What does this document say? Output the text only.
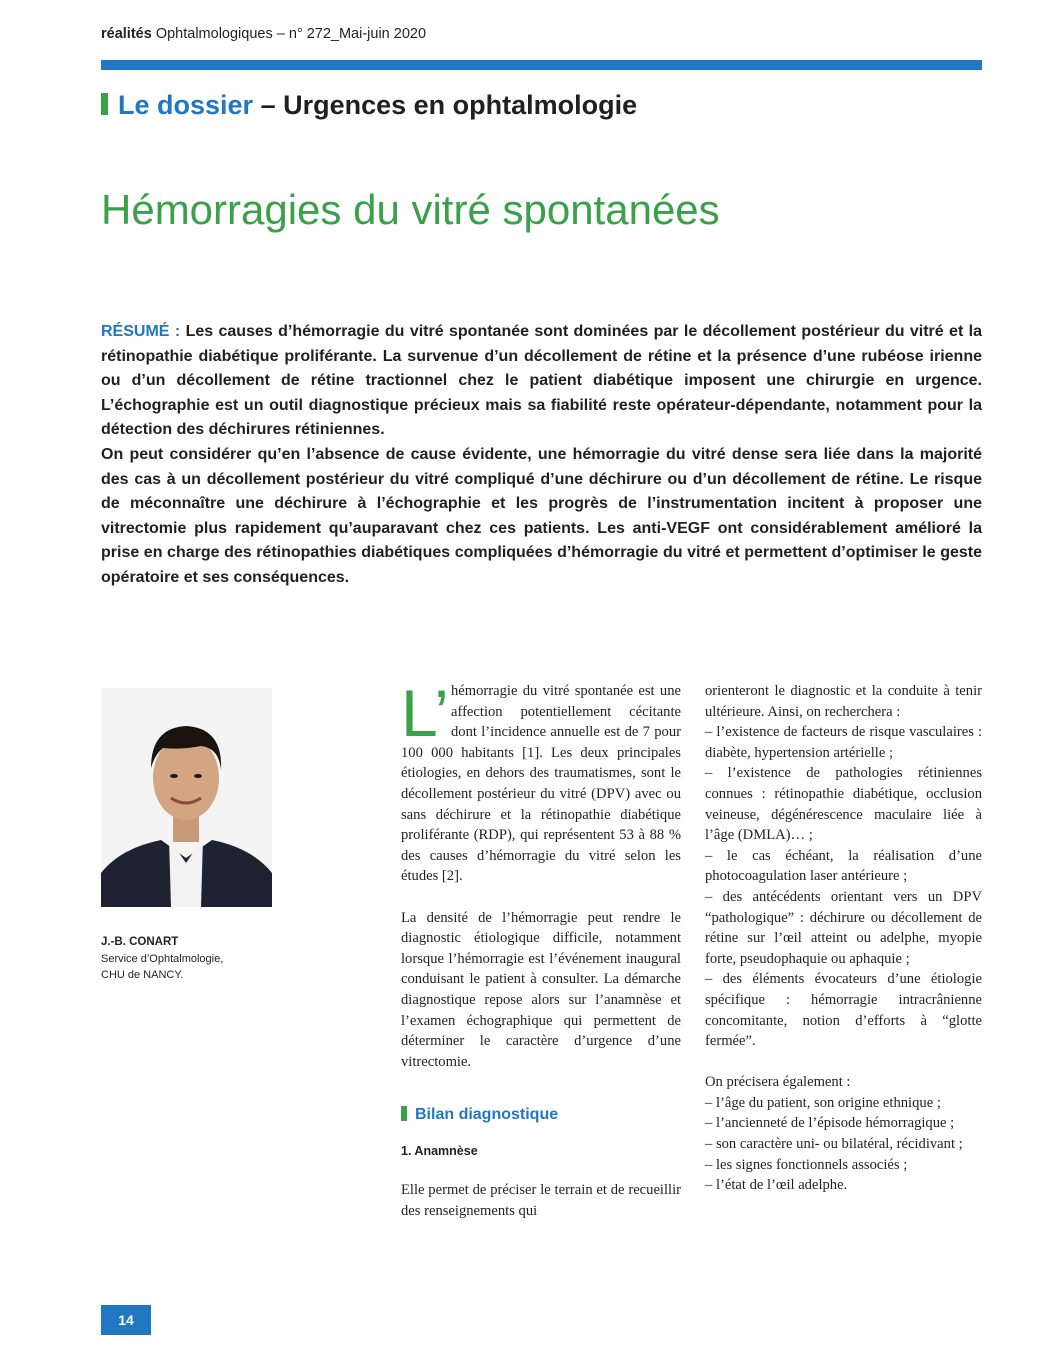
réalités Ophtalmologiques – n° 272_Mai-juin 2020
Le dossier – Urgences en ophtalmologie
Hémorragies du vitré spontanées

RÉSUMÉ : Les causes d’hémorragie du vitré spontanée sont dominées par le décollement postérieur du vitré et la rétinopathie diabétique proliférante. La survenue d’un décollement de rétine et la présence d’une rubéose irienne ou d’un décollement de rétine tractionnel chez le patient diabétique imposent une chirurgie en urgence. L’échographie est un outil diagnostique précieux mais sa fiabilité reste opérateur-dépendante, notamment pour la détection des déchirures rétiniennes.

On peut considérer qu’en l’absence de cause évidente, une hémorragie du vitré dense sera liée dans la majorité des cas à un décollement postérieur du vitré compliqué d’une déchirure ou d’un décollement de rétine. Le risque de méconnaître une déchirure à l’échographie et les progrès de l’instrumentation incitent à proposer une vitrectomie plus rapidement qu’auparavant chez ces patients. Les anti-VEGF ont considérablement amélioré la prise en charge des rétinopathies diabétiques compliquées d’hémorragie du vitré et permettent d’optimiser le geste opératoire et ses conséquences.

J.-B. CONART
Service d’Ophtalmologie,
CHU de NANCY.

L’ hémorragie du vitré spontanée est une affection potentiellement cécitante dont l’incidence annuelle est de 7 pour 100 000 habitants [1]. Les deux principales étiologies, en dehors des traumatismes, sont le décollement postérieur du vitré (DPV) avec ou sans déchirure et la rétinopathie diabétique proliférante (RDP), qui représentent 53 à 88 % des causes d’hémorragie du vitré selon les études [2].

La densité de l’hémorragie peut rendre le diagnostic étiologique difficile, notamment lorsque l’hémorragie est l’événement inaugural conduisant le patient à consulter. La démarche diagnostique repose alors sur l’anamnèse et l’examen échographique qui permettent de déterminer le caractère d’urgence d’une vitrectomie.

Bilan diagnostique

1. Anamnèse

Elle permet de préciser le terrain et de recueillir des renseignements qui

orienteront le diagnostic et la conduite à tenir ultérieure. Ainsi, on recherchera :

– l’existence de facteurs de risque vasculaires : diabète, hypertension artérielle ;

– l’existence de pathologies rétiniennes connues : rétinopathie diabétique, occlusion veineuse, dégénérescence maculaire liée à l’âge (DMLA)… ;

– le cas échéant, la réalisation d’une photocoagulation laser antérieure ;

– des antécédents orientant vers un DPV “pathologique” : déchirure ou décollement de rétine sur l’œil atteint ou adelphe, myopie forte, pseudophaquie ou aphaquie ;

– des éléments évocateurs d’une étiologie spécifique : hémorragie intracrânienne concomitante, notion d’efforts à “glotte fermée”.

On précisera également :

– l’âge du patient, son origine ethnique ;

– l’ancienneté de l’épisode hémorragique ;

– son caractère uni- ou bilatéral, récidivant ;

– les signes fonctionnels associés ;

– l’état de l’œil adelphe.

14
